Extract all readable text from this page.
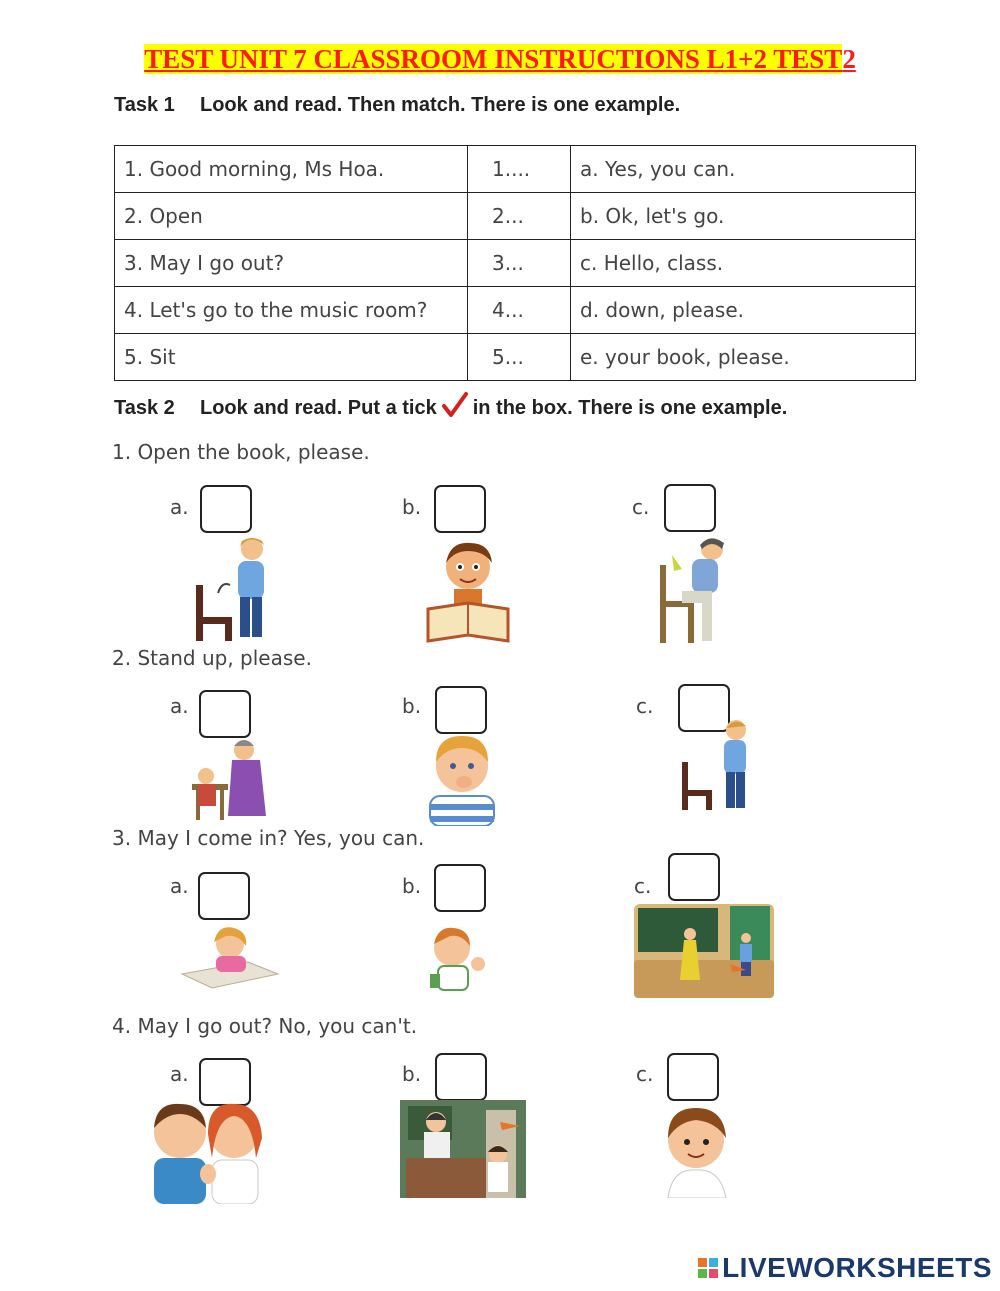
TEST UNIT 7 CLASSROOM INSTRUCTIONS L1+2 TEST2
Task 1 Look and read. Then match. There is one example.
1. Good morning, Ms Hoa.	1....	a. Yes, you can.
2. Open	2...	b. Ok, let's go.
3. May I go out?	3...	c. Hello, class.
4. Let's go to the music room?	4...	d. down, please.
5. Sit	5...	e. your book, please.
Task 2 Look and read. Put a tick in the box. There is one example.
1. Open the book, please.
a.	b.	c.
2. Stand up, please.
a.	b.	c.
3. May I come in? Yes, you can.
a.	b.	c.
4. May I go out? No, you can't.
a.	b.	c.
LIVEWORKSHEETS
